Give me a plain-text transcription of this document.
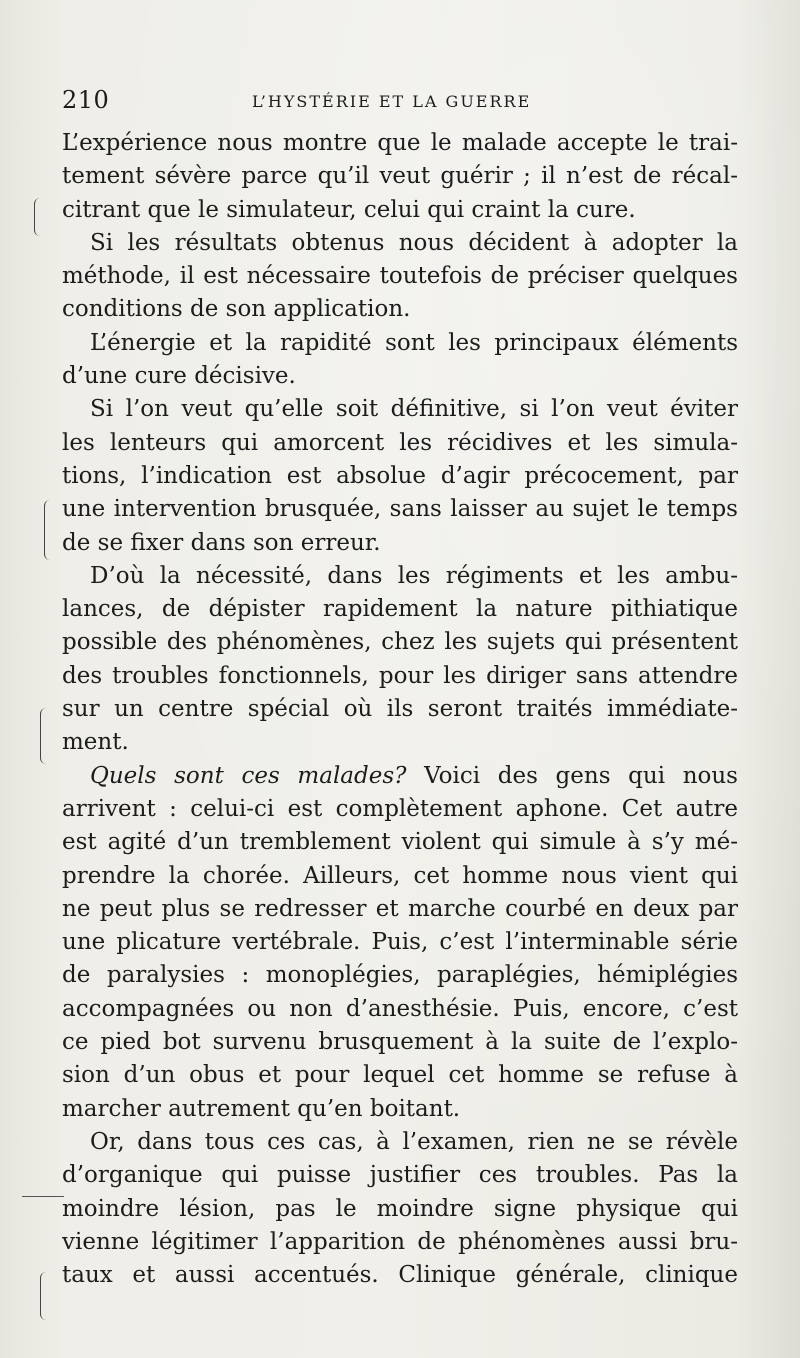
210	L’HYSTÉRIE ET LA GUERRE
L’expérience nous montre que le malade accepte le trai-
tement sévère parce qu’il veut guérir ; il n’est de récal-
citrant que le simulateur, celui qui craint la cure.
Si les résultats obtenus nous décident à adopter la
méthode, il est nécessaire toutefois de préciser quelques
conditions de son application.
L’énergie et la rapidité sont les principaux éléments
d’une cure décisive.
Si l’on veut qu’elle soit définitive, si l’on veut éviter
les lenteurs qui amorcent les récidives et les simula-
tions, l’indication est absolue d’agir précocement, par
une intervention brusquée, sans laisser au sujet le temps
de se fixer dans son erreur.
D’où la nécessité, dans les régiments et les ambu-
lances, de dépister rapidement la nature pithiatique
possible des phénomènes, chez les sujets qui présentent
des troubles fonctionnels, pour les diriger sans attendre
sur un centre spécial où ils seront traités immédiate-
ment.
Quels sont ces malades? Voici des gens qui nous
arrivent : celui-ci est complètement aphone. Cet autre
est agité d’un tremblement violent qui simule à s’y mé-
prendre la chorée. Ailleurs, cet homme nous vient qui
ne peut plus se redresser et marche courbé en deux par
une plicature vertébrale. Puis, c’est l’interminable série
de paralysies : monoplégies, paraplégies, hémiplégies
accompagnées ou non d’anesthésie. Puis, encore, c’est
ce pied bot survenu brusquement à la suite de l’explo-
sion d’un obus et pour lequel cet homme se refuse à
marcher autrement qu’en boitant.
Or, dans tous ces cas, à l’examen, rien ne se révèle
d’organique qui puisse justifier ces troubles. Pas la
moindre lésion, pas le moindre signe physique qui
vienne légitimer l’apparition de phénomènes aussi bru-
taux et aussi accentués. Clinique générale, clinique
